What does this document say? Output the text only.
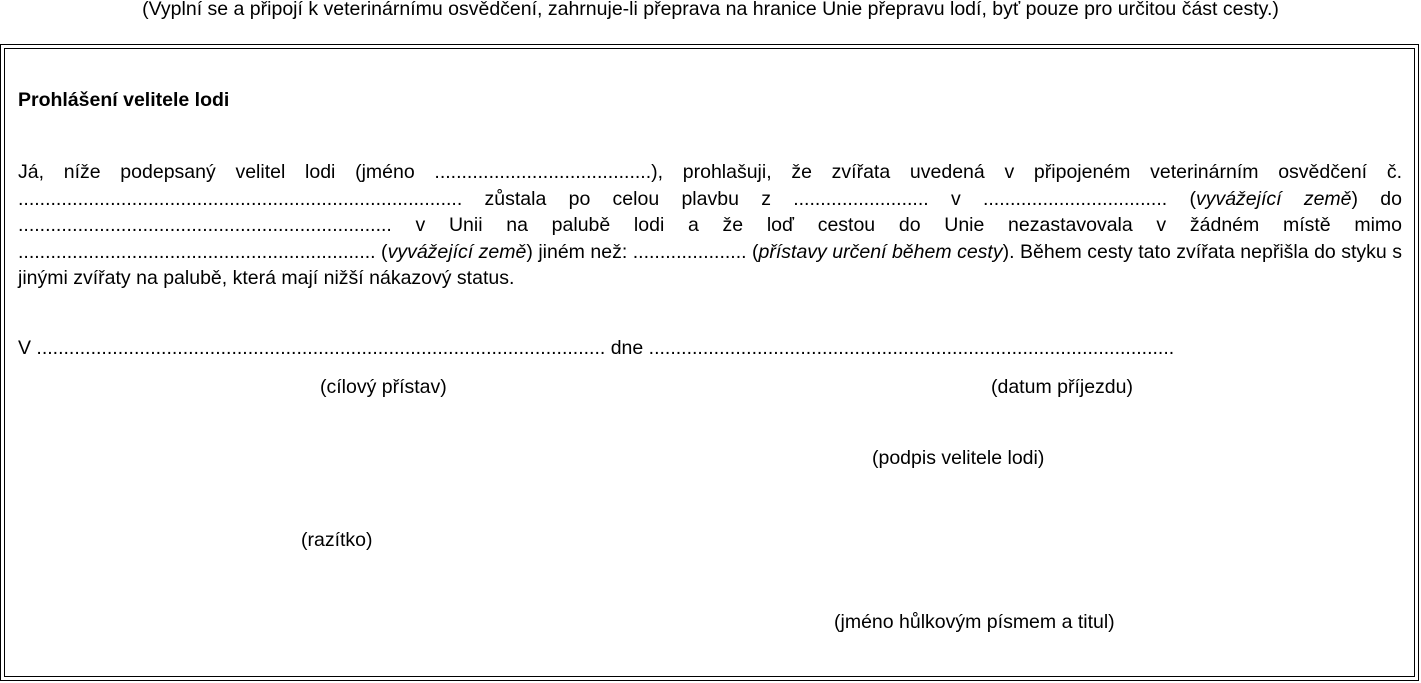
(Vyplní se a připojí k veterinárnímu osvědčení, zahrnuje-li přeprava na hranice Unie přepravu lodí, byť pouze pro určitou část cesty.)
Prohlášení velitele lodi

Já, níže podepsaný velitel lodi (jméno ........................................), prohlašuji, že zvířata uvedená v připojeném veterinárním osvědčení č. .................................................................................. zůstala po celou plavbu z ......................... v .................................. (vyvážející země) do ..................................................................... v Unii na palubě lodi a že loď cestou do Unie nezastavovala v žádném místě mimo .................................................................. (vyvážející země) jiném než: ..................... (přístavy určení během cesty). Během cesty tato zvířata nepřišla do styku s jinými zvířaty na palubě, která mají nižší nákazový status.

V ......................................................................................................... dne .................................................................................................
(cílový přístav)	(datum příjezdu)
(podpis velitele lodi)
(razítko)
(jméno hůlkovým písmem a titul)
